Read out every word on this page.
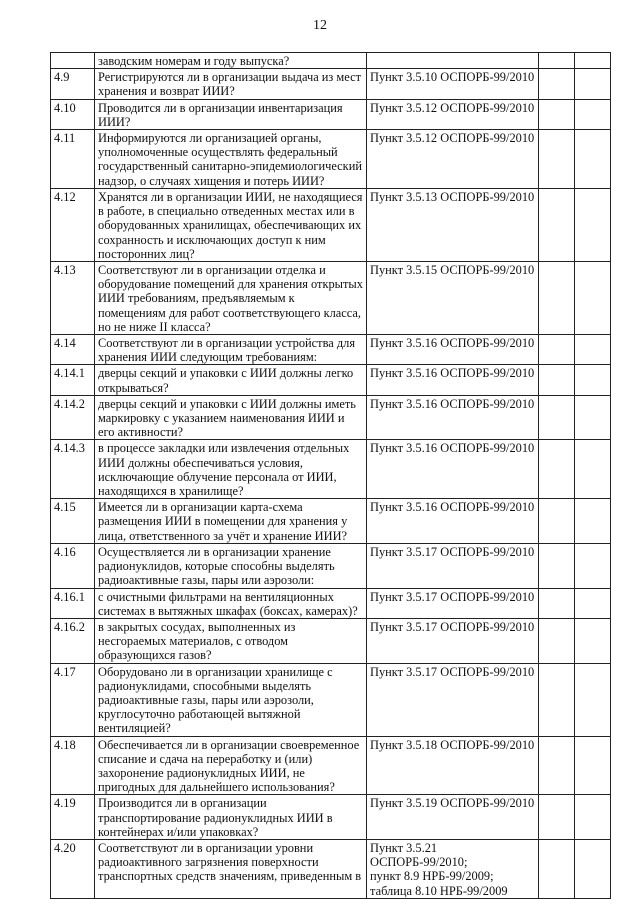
12
	заводским номерам и году выпуска?			
4.9	Регистрируются ли в организации выдача из мест хранения и возврат ИИИ?	Пункт 3.5.10 ОСПОРБ-99/2010		
4.10	Проводится ли в организации инвентаризация ИИИ?	Пункт 3.5.12 ОСПОРБ-99/2010		
4.11	Информируются ли организацией органы, уполномоченные осуществлять федеральный государственный санитарно-эпидемиологический надзор, о случаях хищения и потерь ИИИ?	Пункт 3.5.12 ОСПОРБ-99/2010		
4.12	Хранятся ли в организации ИИИ, не находящиеся в работе, в специально отведенных местах или в оборудованных хранилищах, обеспечивающих их сохранность и исключающих доступ к ним посторонних лиц?	Пункт 3.5.13 ОСПОРБ-99/2010		
4.13	Соответствуют ли в организации отделка и оборудование помещений для хранения открытых ИИИ требованиям, предъявляемым к помещениям для работ соответствующего класса, но не ниже II класса?	Пункт 3.5.15 ОСПОРБ-99/2010		
4.14	Соответствуют ли в организации устройства для хранения ИИИ следующим требованиям:	Пункт 3.5.16 ОСПОРБ-99/2010		
4.14.1	дверцы секций и упаковки с ИИИ должны легко открываться?	Пункт 3.5.16 ОСПОРБ-99/2010		
4.14.2	дверцы секций и упаковки с ИИИ должны иметь маркировку с указанием наименования ИИИ и его активности?	Пункт 3.5.16 ОСПОРБ-99/2010		
4.14.3	в процессе закладки или извлечения отдельных ИИИ должны обеспечиваться условия, исключающие облучение персонала от ИИИ, находящихся в хранилище?	Пункт 3.5.16 ОСПОРБ-99/2010		
4.15	Имеется ли в организации карта-схема размещения ИИИ в помещении для хранения у лица, ответственного за учёт и хранение ИИИ?	Пункт 3.5.16 ОСПОРБ-99/2010		
4.16	Осуществляется ли в организации хранение радионуклидов, которые способны выделять радиоактивные газы, пары или аэрозоли:	Пункт 3.5.17 ОСПОРБ-99/2010		
4.16.1	с очистными фильтрами на вентиляционных системах в вытяжных шкафах (боксах, камерах)?	Пункт 3.5.17 ОСПОРБ-99/2010		
4.16.2	в закрытых сосудах, выполненных из несгораемых материалов, с отводом образующихся газов?	Пункт 3.5.17 ОСПОРБ-99/2010		
4.17	Оборудовано ли в организации хранилище с радионуклидами, способными выделять радиоактивные газы, пары или аэрозоли, круглосуточно работающей вытяжной вентиляцией?	Пункт 3.5.17 ОСПОРБ-99/2010		
4.18	Обеспечивается ли в организации своевременное списание и сдача на переработку и (или) захоронение радионуклидных ИИИ, не пригодных для дальнейшего использования?	Пункт 3.5.18 ОСПОРБ-99/2010		
4.19	Производится ли в организации транспортирование радионуклидных ИИИ в контейнерах и/или упаковках?	Пункт 3.5.19 ОСПОРБ-99/2010		
4.20	Соответствуют ли в организации уровни радиоактивного загрязнения поверхности транспортных средств значениям, приведенным в	Пункт 3.5.21 ОСПОРБ-99/2010;
пункт 8.9 НРБ-99/2009;
таблица 8.10 НРБ-99/2009		
